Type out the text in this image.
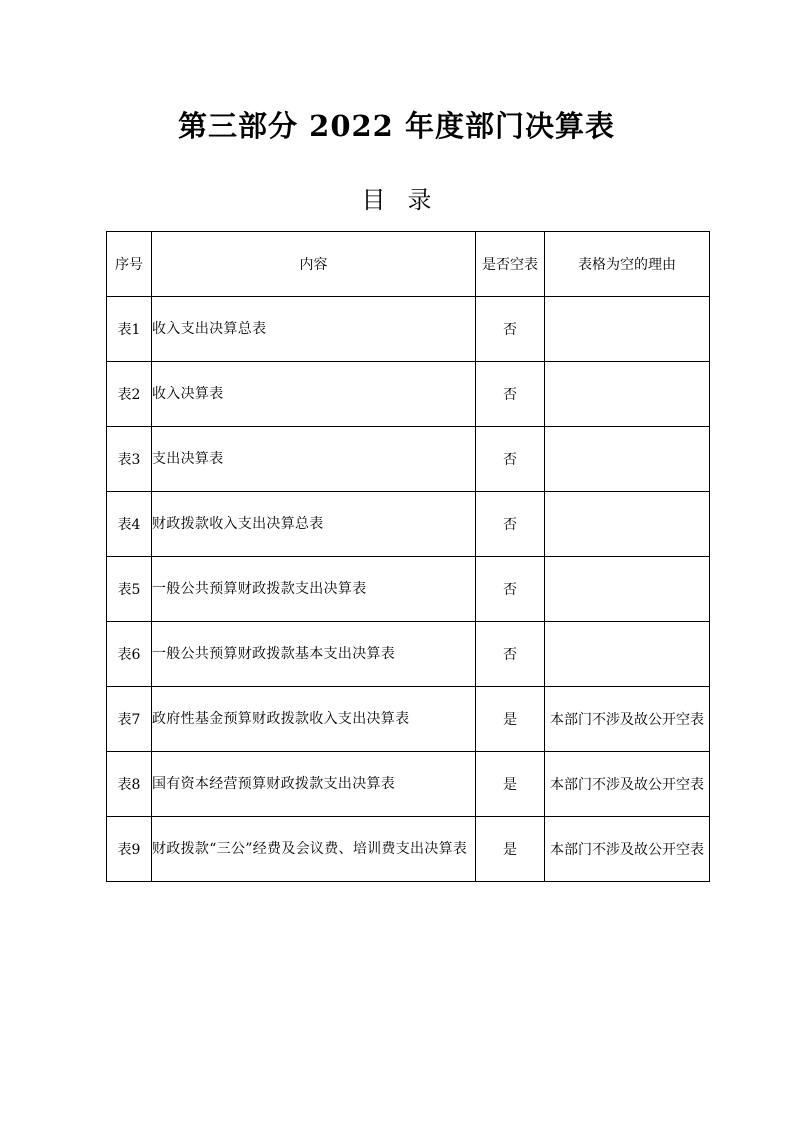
第三部分 2022 年度部门决算表
目录
序号	内容	是否空表	表格为空的理由
表1	收入支出决算总表	否	
表2	收入决算表	否	
表3	支出决算表	否	
表4	财政拨款收入支出决算总表	否	
表5	一般公共预算财政拨款支出决算表	否	
表6	一般公共预算财政拨款基本支出决算表	否	
表7	政府性基金预算财政拨款收入支出决算表	是	本部门不涉及故公开空表
表8	国有资本经营预算财政拨款支出决算表	是	本部门不涉及故公开空表
表9	财政拨款“三公”经费及会议费、培训费支出决算表	是	本部门不涉及故公开空表
